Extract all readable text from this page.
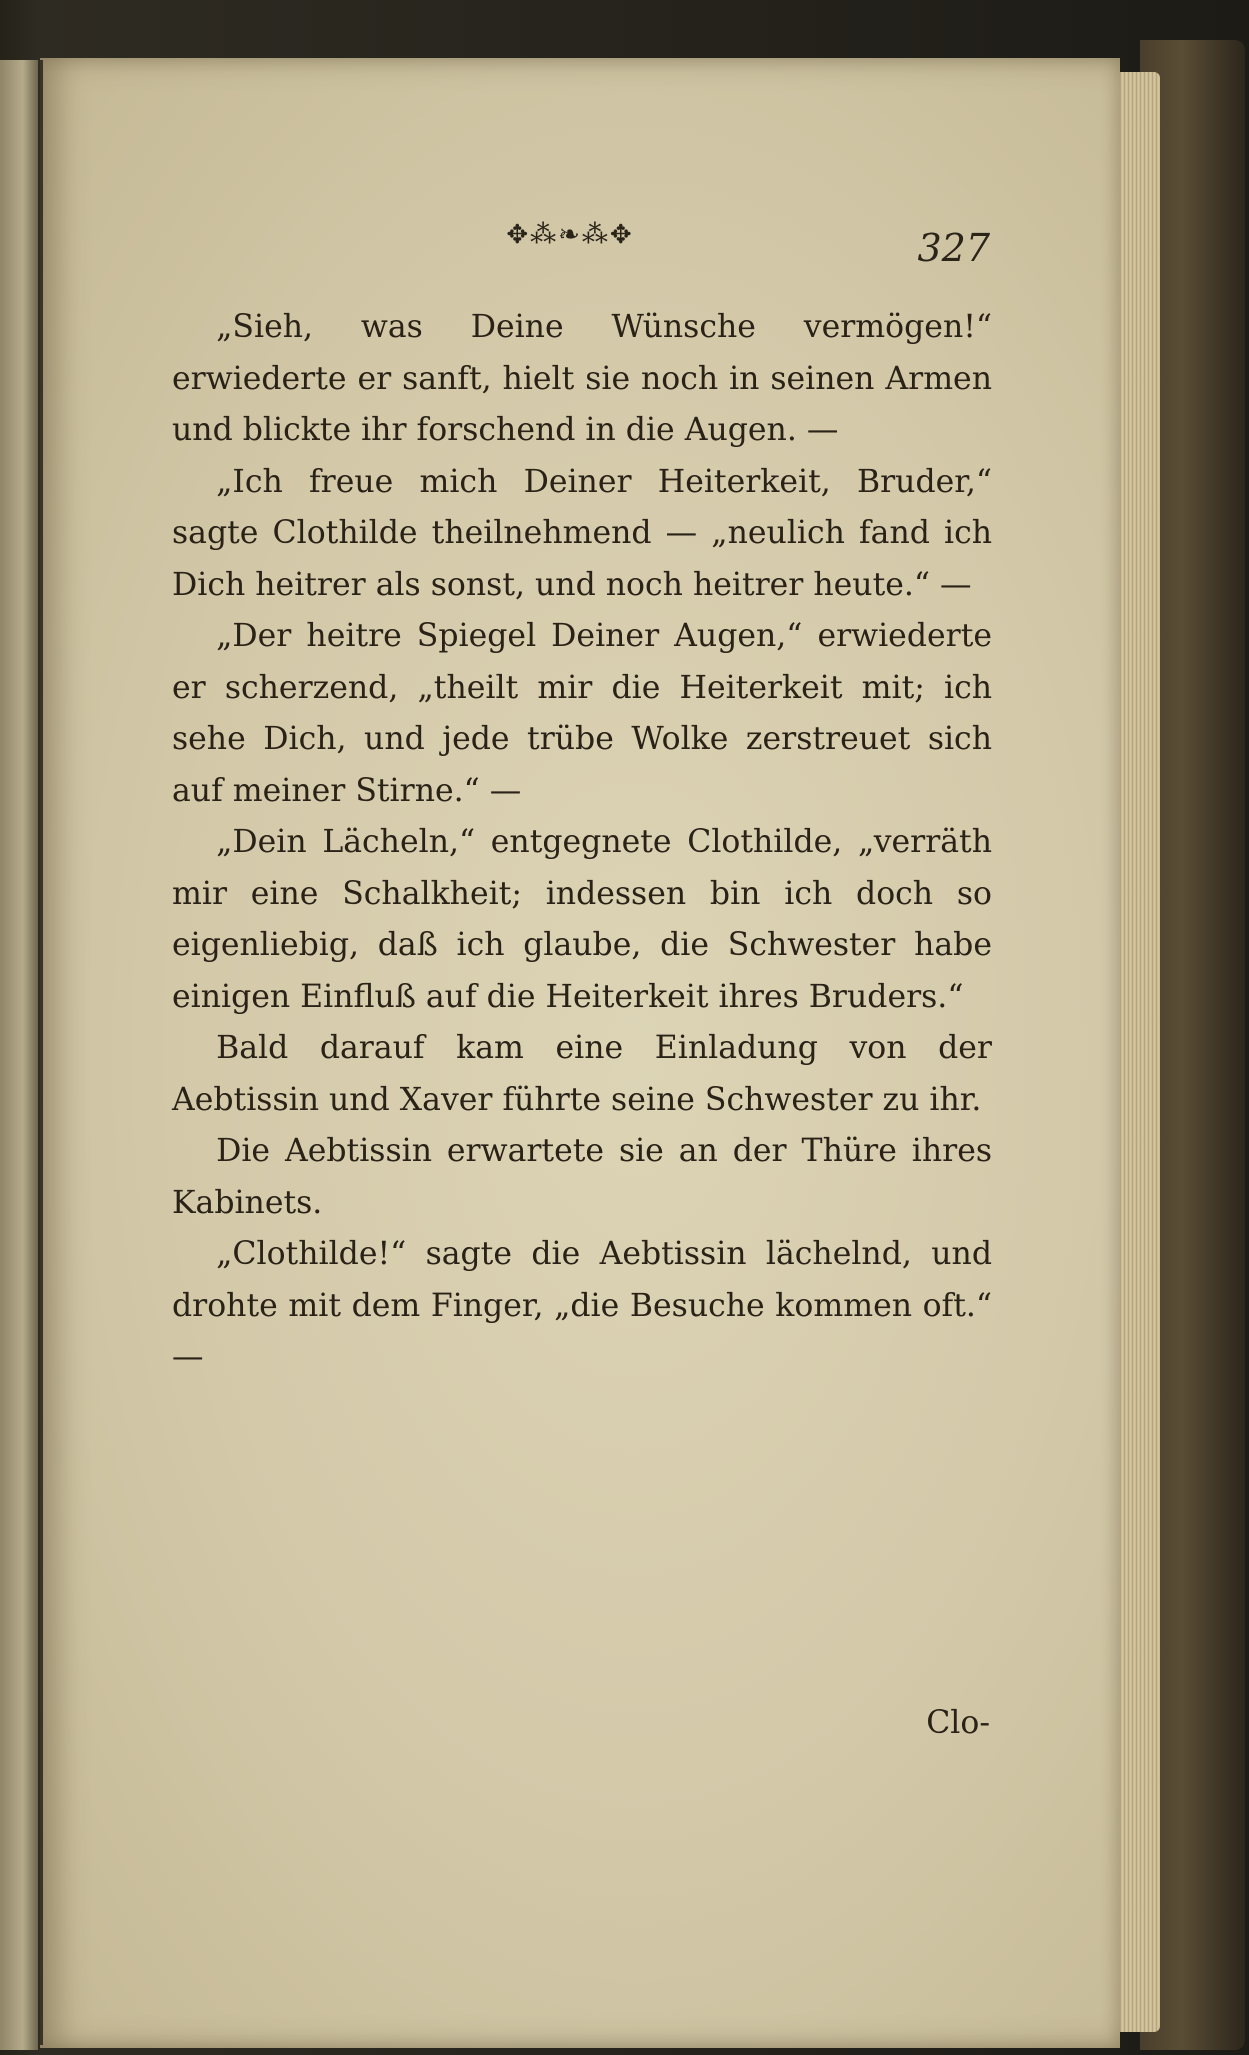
✥⁂❧⁂✥	327

„Sieh, was Deine Wünsche vermögen!“ erwiederte er sanft, hielt sie noch in seinen Armen und blickte ihr forschend in die Augen. —

„Ich freue mich Deiner Heiterkeit, Bruder,“ sagte Clothilde theilnehmend — „neulich fand ich Dich heitrer als sonst, und noch heitrer heute.“ —

„Der heitre Spiegel Deiner Augen,“ erwiederte er scherzend, „theilt mir die Heiterkeit mit; ich sehe Dich, und jede trübe Wolke zerstreuet sich auf meiner Stirne.“ —

„Dein Lächeln,“ entgegnete Clothilde, „verräth mir eine Schalkheit; indessen bin ich doch so eigenliebig, daß ich glaube, die Schwester habe einigen Einfluß auf die Heiterkeit ihres Bruders.“

Bald darauf kam eine Einladung von der Aebtissin und Xaver führte seine Schwester zu ihr.

Die Aebtissin erwartete sie an der Thüre ihres Kabinets.

„Clothilde!“ sagte die Aebtissin lächelnd, und drohte mit dem Finger, „die Besuche kommen oft.“ —

Clo-
